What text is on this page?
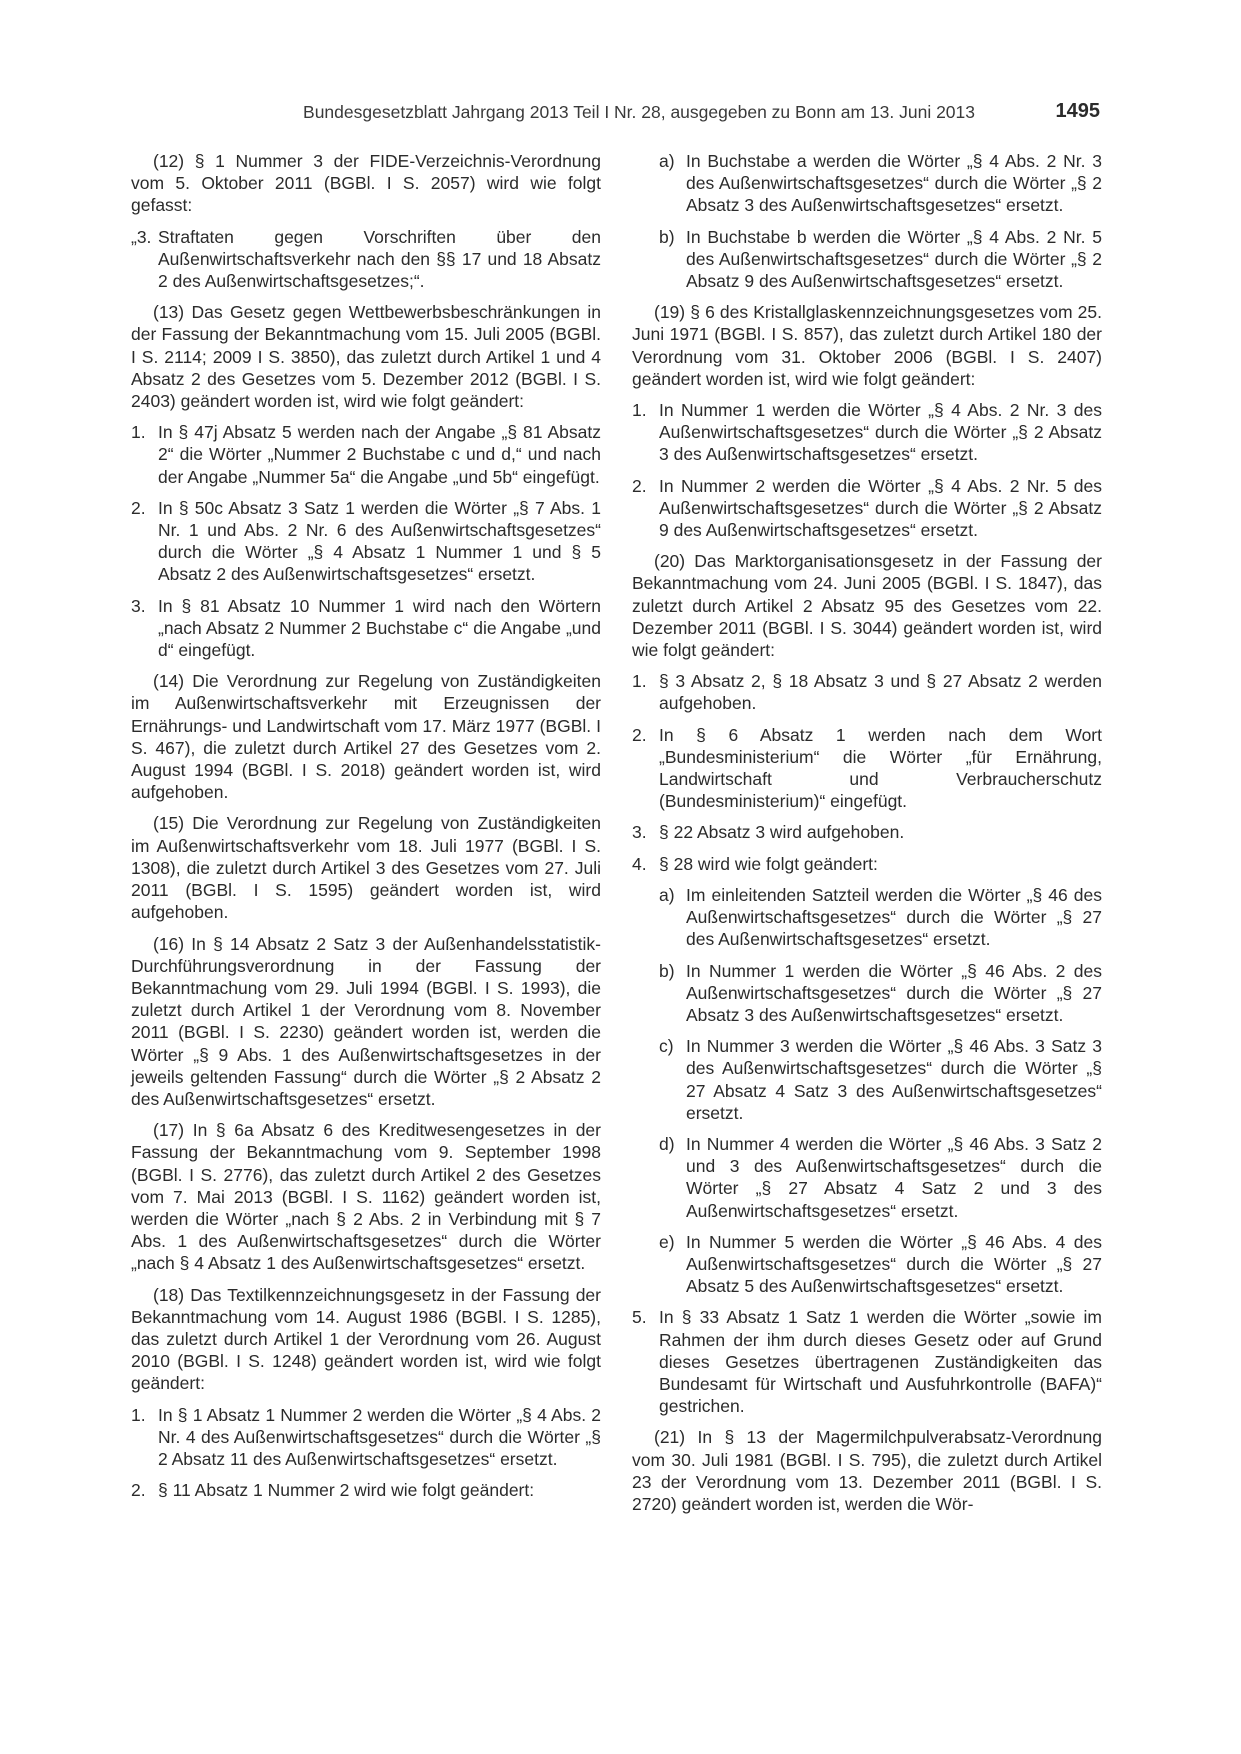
Bundesgesetzblatt Jahrgang 2013 Teil I Nr. 28, ausgegeben zu Bonn am 13. Juni 2013	1495

(12) § 1 Nummer 3 der FIDE-Verzeichnis-Verordnung vom 5. Oktober 2011 (BGBl. I S. 2057) wird wie folgt gefasst:

„3. Straftaten gegen Vorschriften über den Außenwirtschaftsverkehr nach den §§ 17 und 18 Absatz 2 des Außenwirtschaftsgesetzes;“.

(13) Das Gesetz gegen Wettbewerbsbeschränkungen in der Fassung der Bekanntmachung vom 15. Juli 2005 (BGBl. I S. 2114; 2009 I S. 3850), das zuletzt durch Artikel 1 und 4 Absatz 2 des Gesetzes vom 5. Dezember 2012 (BGBl. I S. 2403) geändert worden ist, wird wie folgt geändert:

1. In § 47j Absatz 5 werden nach der Angabe „§ 81 Absatz 2“ die Wörter „Nummer 2 Buchstabe c und d,“ und nach der Angabe „Nummer 5a“ die Angabe „und 5b“ eingefügt.
2. In § 50c Absatz 3 Satz 1 werden die Wörter „§ 7 Abs. 1 Nr. 1 und Abs. 2 Nr. 6 des Außenwirtschaftsgesetzes“ durch die Wörter „§ 4 Absatz 1 Nummer 1 und § 5 Absatz 2 des Außenwirtschaftsgesetzes“ ersetzt.
3. In § 81 Absatz 10 Nummer 1 wird nach den Wörtern „nach Absatz 2 Nummer 2 Buchstabe c“ die Angabe „und d“ eingefügt.

(14) Die Verordnung zur Regelung von Zuständigkeiten im Außenwirtschaftsverkehr mit Erzeugnissen der Ernährungs- und Landwirtschaft vom 17. März 1977 (BGBl. I S. 467), die zuletzt durch Artikel 27 des Gesetzes vom 2. August 1994 (BGBl. I S. 2018) geändert worden ist, wird aufgehoben.

(15) Die Verordnung zur Regelung von Zuständigkeiten im Außenwirtschaftsverkehr vom 18. Juli 1977 (BGBl. I S. 1308), die zuletzt durch Artikel 3 des Gesetzes vom 27. Juli 2011 (BGBl. I S. 1595) geändert worden ist, wird aufgehoben.

(16) In § 14 Absatz 2 Satz 3 der Außenhandelsstatistik-Durchführungsverordnung in der Fassung der Bekanntmachung vom 29. Juli 1994 (BGBl. I S. 1993), die zuletzt durch Artikel 1 der Verordnung vom 8. November 2011 (BGBl. I S. 2230) geändert worden ist, werden die Wörter „§ 9 Abs. 1 des Außenwirtschaftsgesetzes in der jeweils geltenden Fassung“ durch die Wörter „§ 2 Absatz 2 des Außenwirtschaftsgesetzes“ ersetzt.

(17) In § 6a Absatz 6 des Kreditwesengesetzes in der Fassung der Bekanntmachung vom 9. September 1998 (BGBl. I S. 2776), das zuletzt durch Artikel 2 des Gesetzes vom 7. Mai 2013 (BGBl. I S. 1162) geändert worden ist, werden die Wörter „nach § 2 Abs. 2 in Verbindung mit § 7 Abs. 1 des Außenwirtschaftsgesetzes“ durch die Wörter „nach § 4 Absatz 1 des Außenwirtschaftsgesetzes“ ersetzt.

(18) Das Textilkennzeichnungsgesetz in der Fassung der Bekanntmachung vom 14. August 1986 (BGBl. I S. 1285), das zuletzt durch Artikel 1 der Verordnung vom 26. August 2010 (BGBl. I S. 1248) geändert worden ist, wird wie folgt geändert:

1. In § 1 Absatz 1 Nummer 2 werden die Wörter „§ 4 Abs. 2 Nr. 4 des Außenwirtschaftsgesetzes“ durch die Wörter „§ 2 Absatz 11 des Außenwirtschaftsgesetzes“ ersetzt.
2. § 11 Absatz 1 Nummer 2 wird wie folgt geändert:
a) In Buchstabe a werden die Wörter „§ 4 Abs. 2 Nr. 3 des Außenwirtschaftsgesetzes“ durch die Wörter „§ 2 Absatz 3 des Außenwirtschaftsgesetzes“ ersetzt.
b) In Buchstabe b werden die Wörter „§ 4 Abs. 2 Nr. 5 des Außenwirtschaftsgesetzes“ durch die Wörter „§ 2 Absatz 9 des Außenwirtschaftsgesetzes“ ersetzt.

(19) § 6 des Kristallglaskennzeichnungsgesetzes vom 25. Juni 1971 (BGBl. I S. 857), das zuletzt durch Artikel 180 der Verordnung vom 31. Oktober 2006 (BGBl. I S. 2407) geändert worden ist, wird wie folgt geändert:

1. In Nummer 1 werden die Wörter „§ 4 Abs. 2 Nr. 3 des Außenwirtschaftsgesetzes“ durch die Wörter „§ 2 Absatz 3 des Außenwirtschaftsgesetzes“ ersetzt.
2. In Nummer 2 werden die Wörter „§ 4 Abs. 2 Nr. 5 des Außenwirtschaftsgesetzes“ durch die Wörter „§ 2 Absatz 9 des Außenwirtschaftsgesetzes“ ersetzt.

(20) Das Marktorganisationsgesetz in der Fassung der Bekanntmachung vom 24. Juni 2005 (BGBl. I S. 1847), das zuletzt durch Artikel 2 Absatz 95 des Gesetzes vom 22. Dezember 2011 (BGBl. I S. 3044) geändert worden ist, wird wie folgt geändert:

1. § 3 Absatz 2, § 18 Absatz 3 und § 27 Absatz 2 werden aufgehoben.
2. In § 6 Absatz 1 werden nach dem Wort „Bundesministerium“ die Wörter „für Ernährung, Landwirtschaft und Verbraucherschutz (Bundesministerium)“ eingefügt.
3. § 22 Absatz 3 wird aufgehoben.
4. § 28 wird wie folgt geändert:
a) Im einleitenden Satzteil werden die Wörter „§ 46 des Außenwirtschaftsgesetzes“ durch die Wörter „§ 27 des Außenwirtschaftsgesetzes“ ersetzt.
b) In Nummer 1 werden die Wörter „§ 46 Abs. 2 des Außenwirtschaftsgesetzes“ durch die Wörter „§ 27 Absatz 3 des Außenwirtschaftsgesetzes“ ersetzt.
c) In Nummer 3 werden die Wörter „§ 46 Abs. 3 Satz 3 des Außenwirtschaftsgesetzes“ durch die Wörter „§ 27 Absatz 4 Satz 3 des Außenwirtschaftsgesetzes“ ersetzt.
d) In Nummer 4 werden die Wörter „§ 46 Abs. 3 Satz 2 und 3 des Außenwirtschaftsgesetzes“ durch die Wörter „§ 27 Absatz 4 Satz 2 und 3 des Außenwirtschaftsgesetzes“ ersetzt.
e) In Nummer 5 werden die Wörter „§ 46 Abs. 4 des Außenwirtschaftsgesetzes“ durch die Wörter „§ 27 Absatz 5 des Außenwirtschaftsgesetzes“ ersetzt.
5. In § 33 Absatz 1 Satz 1 werden die Wörter „sowie im Rahmen der ihm durch dieses Gesetz oder auf Grund dieses Gesetzes übertragenen Zuständigkeiten das Bundesamt für Wirtschaft und Ausfuhrkontrolle (BAFA)“ gestrichen.

(21) In § 13 der Magermilchpulverabsatz-Verordnung vom 30. Juli 1981 (BGBl. I S. 795), die zuletzt durch Artikel 23 der Verordnung vom 13. Dezember 2011 (BGBl. I S. 2720) geändert worden ist, werden die Wör-
